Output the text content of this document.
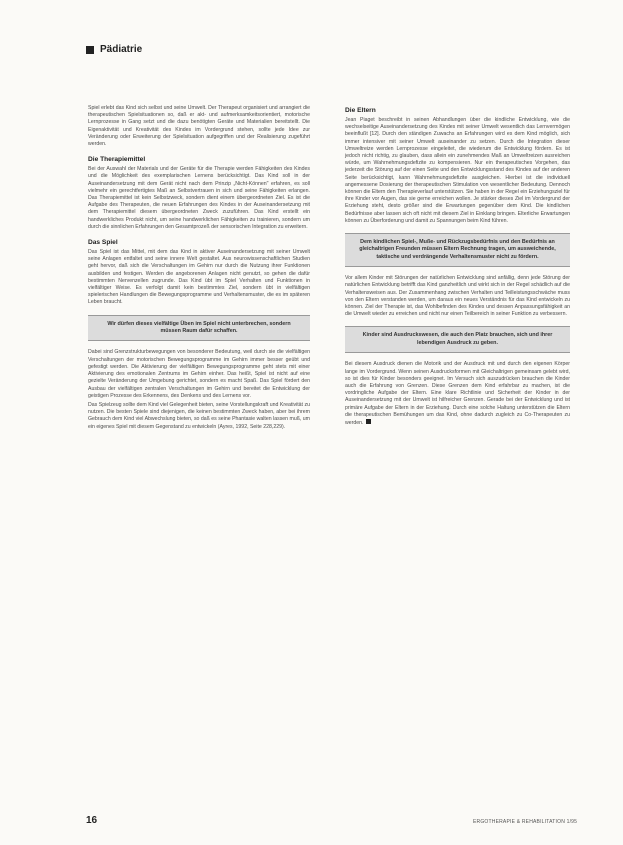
Pädiatrie

Spiel erlebt das Kind sich selbst und seine Umwelt. Der Therapeut organisiert und arrangiert die therapeutischen Spielsituationen so, daß er akt- und aufmerksamkeitsorientiert, motorische Lernprozesse in Gang setzt und die dazu benötigten Geräte und Materialien bereitstellt. Die Eigenaktivität und Kreativität des Kindes im Vordergrund stehen, sollte jede Idee zur Veränderung oder Erweiterung der Spielsituation aufgegriffen und der Realisierung zugeführt werden.

Die Therapiemittel

Bei der Auswahl der Materials und der Geräte für die Therapie werden Fähigkeiten des Kindes und die Möglichkeit des exemplarischen Lernens berücksichtigt. Das Kind soll in der Auseinandersetzung mit dem Gerät nicht nach dem Prinzip „Nicht-Können" erfahren, es soll vielmehr ein gerechtfertigtes Maß an Selbstvertrauen in sich und seine Fähigkeiten erlangen. Das Therapiemittel ist kein Selbstzweck, sondern dient einem übergeordneten Ziel. Es ist die Aufgabe des Therapeuten, die neuen Erfahrungen des Kindes in der Auseinandersetzung mit dem Therapiemittel diesem übergeordneten Zweck zuzuführen. Das Kind erstellt ein handwerkliches Produkt nicht, um seine handwerklichen Fähigkeiten zu trainieren, sondern um durch die sinnlichen Erfahrungen den Gesamtprozeß der sensorischen Integration zu erweitern.

Das Spiel

Das Spiel ist das Mittel, mit dem das Kind in aktiver Auseinandersetzung mit seiner Umwelt seine Anlagen entfaltet und seine innere Welt gestaltet. Aus neurowissenschaftlichen Studien geht hervor, daß sich die Verschaltungen im Gehirn nur durch die Nutzung ihrer Funktionen ausbilden und festigen. Werden die angeborenen Anlagen nicht genutzt, so gehen die dafür bestimmten Nervenzellen zugrunde. Das Kind übt im Spiel Verhalten und Funktionen in vielfältiger Weise. Es verfolgt damit kein bestimmtes Ziel, sondern übt in vielfältigen spielerischen Handlungen die Bewegungsprogramme und Verhaltensmuster, die es im späteren Leben braucht.

Wir dürfen dieses vielfältige Üben im Spiel nicht unterbrechen, sondern müssen Raum dafür schaffen.

Dabei sind Grenzstrukturbewegungen von besonderer Bedeutung, weil durch sie die vielfältigen Verschaltungen der motorischen Bewegungsprogramme im Gehirn immer besser geübt und gefestigt werden. Die Aktivierung der vielfältigen Bewegungsprogramme geht stets mit einer Aktivierung des emotionalen Zentrums im Gehirn einher. Das heißt, Spiel ist nicht auf eine gezielte Veränderung der Umgebung gerichtet, sondern es macht Spaß. Das Spiel fördert den Ausbau der vielfältigen zentralen Verschaltungen im Gehirn und bereitet die Entwicklung der geistigen Prozesse des Erkennens, des Denkens und des Lernens vor.

Das Spielzeug sollte dem Kind viel Gelegenheit bieten, seine Vorstellungskraft und Kreativität zu nutzen. Die besten Spiele sind diejenigen, die keinen bestimmten Zweck haben, aber bei ihrem Gebrauch dem Kind viel Abwechslung bieten, so daß es seine Phantasie walten lassen muß, um ein eigenes Spiel mit diesem Gegenstand zu entwickeln (Ayres, 1992, Seite 228,229).

Die Eltern

Jean Piaget beschreibt in seinen Abhandlungen über die kindliche Entwicklung, wie die wechselseitige Auseinandersetzung des Kindes mit seiner Umwelt wesentlich das Lernvermögen beeinflußt [12]. Durch den ständigen Zuwachs an Erfahrungen wird es dem Kind möglich, sich immer intensiver mit seiner Umwelt auseinander zu setzen. Durch die Integration dieser Umweltreize werden Lernprozesse eingeleitet, die wiederum die Entwicklung fördern. Es ist jedoch nicht richtig, zu glauben, dass allein ein zunehmendes Maß an Umweltreizen ausreichen würde, um Wahrnehmungsdefizite zu kompensieren. Nur ein therapeutisches Vorgehen, das jederzeit die Störung auf der einen Seite und den Entwicklungsstand des Kindes auf der anderen Seite berücksichtigt, kann Wahrnehmungsdefizite ausgleichen. Hierbei ist die individuell angemessene Dosierung der therapeutischen Stimulation von wesentlicher Bedeutung. Dennoch können die Eltern den Therapieverlauf unterstützen. Sie haben in der Regel ein Erziehungsziel für ihre Kinder vor Augen, das sie gerne erreichen wollen. Je stärker dieses Ziel im Vordergrund der Erziehung steht, desto größer sind die Erwartungen gegenüber dem Kind. Die kindlichen Bedürfnisse aber lassen sich oft nicht mit diesem Ziel in Einklang bringen. Elterliche Erwartungen können zu Überforderung und damit zu Spannungen beim Kind führen.

Dem kindlichen Spiel-, Muße- und Rückzugsbedürfnis und den Bedürfnis an gleichaltrigen Freunden müssen Eltern Rechnung tragen, um ausweichende, taktische und verdrängende Verhaltensmuster nicht zu fördern.

Vor allem Kinder mit Störungen der natürlichen Entwicklung sind anfällig, denn jede Störung der natürlichen Entwicklung betrifft das Kind ganzheitlich und wirkt sich in der Regel schädlich auf die Verhaltensweisen aus. Der Zusammenhang zwischen Verhalten und Teilleistungsschwäche muss von den Eltern verstanden werden, um daraus ein neues Verständnis für das Kind entwickeln zu können. Ziel der Therapie ist, das Wohlbefinden des Kindes und dessen Anpassungsfähigkeit an die Umwelt wieder zu erreichen und nicht nur einen Teilbereich in seiner Funktion zu verbessern.

Kinder sind Ausdruckswesen, die auch den Platz brauchen, sich und ihrer lebendigen Ausdruck zu geben.

Bei diesem Ausdruck dienen die Motorik und der Ausdruck mit und durch den eigenen Körper lange im Vordergrund. Wenn seinen Ausdrucksformen mit Gleichaltrigen gemeinsam gelebt wird, so ist dies für Kinder besonders geeignet. Im Versuch sich auszudrücken brauchen die Kinder auch die Erfahrung von Grenzen. Diese Grenzen dem Kind erfahrbar zu machen, ist die vordringliche Aufgabe der Eltern. Eine klare Richtlinie und Sicherheit der Kinder in der Auseinandersetzung mit der Umwelt ist hilfreicher Grenzen. Gerade bei der Entwicklung und ist primäre Aufgabe der Eltern in der Erziehung. Durch eine solche Haltung unterstützen die Eltern die therapeutischen Bemühungen um das Kind, ohne dadurch zugleich zu Co-Therapeuten zu werden.

16	ERGOTHERAPIE & REHABILITATION 1/95
